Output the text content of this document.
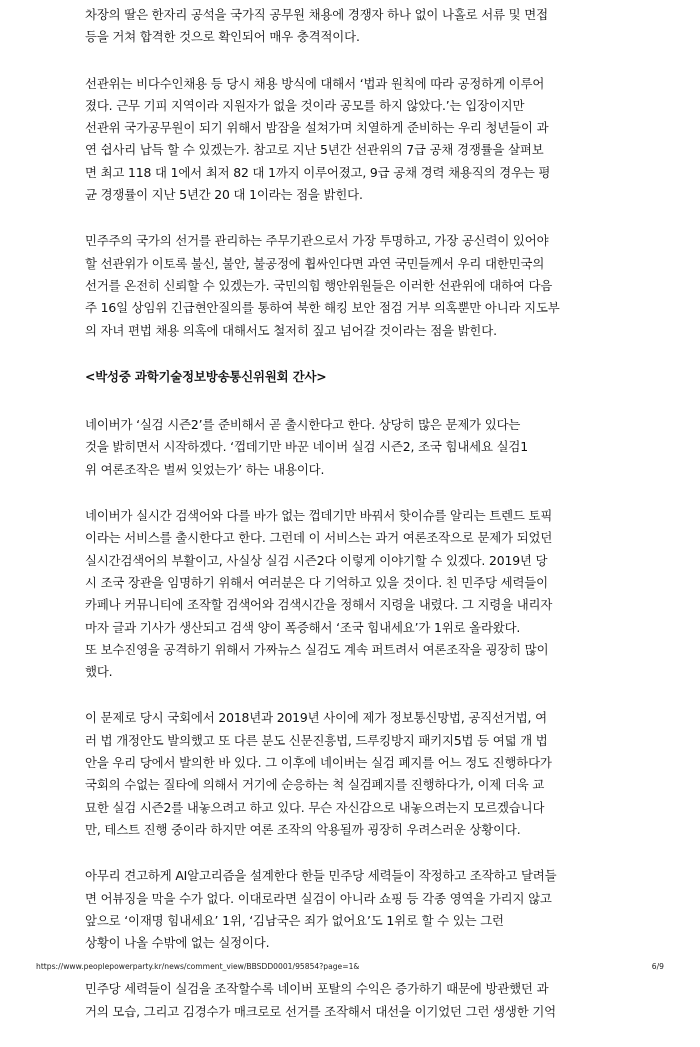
차장의 딸은 한자리 공석을 국가직 공무원 채용에 경쟁자 하나 없이 나홀로 서류 및 면접
등을 거쳐 합격한 것으로 확인되어 매우 충격적이다.
선관위는 비다수인채용 등 당시 채용 방식에 대해서 ‘법과 원칙에 따라 공정하게 이루어
졌다. 근무 기피 지역이라 지원자가 없을 것이라 공모를 하지 않았다.’는 입장이지만
선관위 국가공무원이 되기 위해서 밤잠을 설쳐가며 치열하게 준비하는 우리 청년들이 과
연 쉽사리 납득 할 수 있겠는가. 참고로 지난 5년간 선관위의 7급 공채 경쟁률을 살펴보
면 최고 118 대 1에서 최저 82 대 1까지 이루어졌고, 9급 공채 경력 채용직의 경우는 평
균 경쟁률이 지난 5년간 20 대 1이라는 점을 밝힌다.
민주주의 국가의 선거를 관리하는 주무기관으로서 가장 투명하고, 가장 공신력이 있어야
할 선관위가 이토록 불신, 불안, 불공정에 휩싸인다면 과연 국민들께서 우리 대한민국의
선거를 온전히 신뢰할 수 있겠는가. 국민의힘 행안위원들은 이러한 선관위에 대하여 다음
주 16일 상임위 긴급현안질의를 통하여 북한 해킹 보안 점검 거부 의혹뿐만 아니라 지도부
의 자녀 편법 채용 의혹에 대해서도 철저히 짚고 넘어갈 것이라는 점을 밝힌다.
<박성중 과학기술정보방송통신위원회 간사>
네이버가 ‘실검 시즌2’를 준비해서 곧 출시한다고 한다. 상당히 많은 문제가 있다는
것을 밝히면서 시작하겠다. ‘껍데기만 바꾼 네이버 실검 시즌2, 조국 힘내세요 실검1
위 여론조작은 벌써 잊었는가’ 하는 내용이다.
네이버가 실시간 검색어와 다를 바가 없는 껍데기만 바꿔서 핫이슈를 알리는 트렌드 토픽
이라는 서비스를 출시한다고 한다. 그런데 이 서비스는 과거 여론조작으로 문제가 되었던
실시간검색어의 부활이고, 사실상 실검 시즌2다 이렇게 이야기할 수 있겠다. 2019년 당
시 조국 장관을 임명하기 위해서 여러분은 다 기억하고 있을 것이다. 친 민주당 세력들이
카페나 커뮤니티에 조작할 검색어와 검색시간을 정해서 지령을 내렸다. 그 지령을 내리자
마자 글과 기사가 생산되고 검색 양이 폭증해서 ‘조국 힘내세요’가 1위로 올라왔다.
또 보수진영을 공격하기 위해서 가짜뉴스 실검도 계속 퍼트려서 여론조작을 굉장히 많이
했다.
이 문제로 당시 국회에서 2018년과 2019년 사이에 제가 정보통신망법, 공직선거법, 여
러 법 개정안도 발의했고 또 다른 분도 신문진흥법, 드루킹방지 패키지5법 등 여덟 개 법
안을 우리 당에서 발의한 바 있다. 그 이후에 네이버는 실검 폐지를 어느 정도 진행하다가
국회의 수없는 질타에 의해서 거기에 순응하는 척 실검폐지를 진행하다가, 이제 더욱 교
묘한 실검 시즌2를 내놓으려고 하고 있다. 무슨 자신감으로 내놓으려는지 모르겠습니다
만, 테스트 진행 중이라 하지만 여론 조작의 악용될까 굉장히 우려스러운 상황이다.
아무리 견고하게 AI알고리즘을 설계한다 한들 민주당 세력들이 작정하고 조작하고 달려들
면 어뷰징을 막을 수가 없다. 이대로라면 실검이 아니라 쇼핑 등 각종 영역을 가리지 않고
앞으로 ‘이재명 힘내세요’ 1위, ‘김남국은 죄가 없어요’도 1위로 할 수 있는 그런
상황이 나올 수밖에 없는 실정이다.
민주당 세력들이 실검을 조작할수록 네이버 포탈의 수익은 증가하기 때문에 방관했던 과
거의 모습, 그리고 김경수가 매크로로 선거를 조작해서 대선을 이기었던 그런 생생한 기억
https://www.peoplepowerparty.kr/news/comment_view/BBSDD0001/95854?page=1&	6/9
